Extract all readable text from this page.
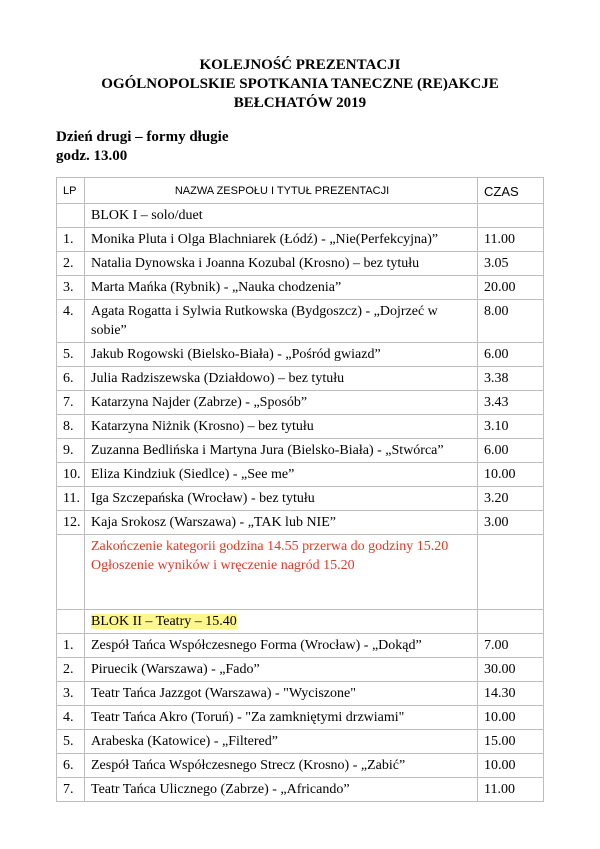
KOLEJNOŚĆ PREZENTACJI
OGÓLNOPOLSKIE SPOTKANIA TANECZNE (RE)AKCJE
BEŁCHATÓW 2019
Dzień drugi – formy długie
godz. 13.00
LP	NAZWA ZESPOŁU I TYTUŁ PREZENTACJI	CZAS
	BLOK I – solo/duet	
1.	Monika Pluta i Olga Blachniarek (Łódź) - „Nie(Perfekcyjna)”	11.00
2.	Natalia Dynowska i Joanna Kozubal (Krosno) – bez tytułu	3.05
3.	Marta Mańka (Rybnik) - „Nauka chodzenia”	20.00
4.	Agata Rogatta i Sylwia Rutkowska (Bydgoszcz) - „Dojrzeć w sobie”	8.00
5.	Jakub Rogowski (Bielsko-Biała) - „Pośród gwiazd”	6.00
6.	Julia Radziszewska (Działdowo) – bez tytułu	3.38
7.	Katarzyna Najder (Zabrze) - „Sposób”	3.43
8.	Katarzyna Niżnik (Krosno) – bez tytułu	3.10
9.	Zuzanna Bedlińska i Martyna Jura (Bielsko-Biała) - „Stwórca”	6.00
10.	Eliza Kindziuk (Siedlce) - „See me”	10.00
11.	Iga Szczepańska (Wrocław) - bez tytułu	3.20
12.	Kaja Srokosz (Warszawa) - „TAK lub NIE”	3.00

	Zakończenie kategorii godzina 14.55 przerwa do godziny 15.20
Ogłoszenie wyników i wręczenie nagród 15.20	

	BLOK II – Teatry – 15.40	
1.	Zespół Tańca Współczesnego Forma (Wrocław) - „Dokąd”	7.00
2.	Piruecik (Warszawa) - „Fado”	30.00
3.	Teatr Tańca Jazzgot (Warszawa) - "Wyciszone"	14.30
4.	Teatr Tańca Akro (Toruń) - "Za zamkniętymi drzwiami"	10.00
5.	Arabeska (Katowice) - „Filtered”	15.00
6.	Zespół Tańca Współczesnego Strecz (Krosno) - „Zabić”	10.00
7.	Teatr Tańca Ulicznego (Zabrze) - „Africando”	11.00
